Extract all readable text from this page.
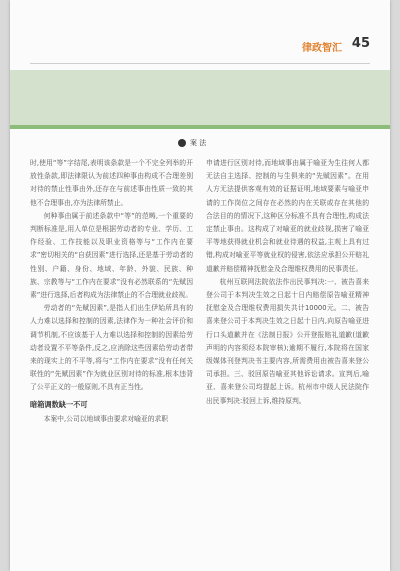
律政智汇 45
案 法

时,使用“等”字结尾,表明该条款是一个不完全列举的开放性条款,即法律限认为前述四种事由构成不合理差别对待的禁止性事由外,还存在与前述事由性质一致的其他不合理事由,亦为法律所禁止。

何种事由属于前述条款中“等”的范畴,一个重要的判断标准是,用人单位是根据劳动者的专业、学历、工作经验、工作技能以及职业资格等与“工作内在要求”密切相关的“自获因素”进行选择,还是基于劳动者的性别、户籍、身份、地域、年龄、外貌、民族、种族、宗教等与“工作内在要求”没有必然联系的“先赋因素”进行选择,后者构成为法律禁止的不合理就业歧视。

劳动者的“先赋因素”,是指人们出生伊始所具有的人力难以选择和控制的因素,法律作为一种社会评价和调节机制,不应该基于人力难以选择和控制的因素给劳动者设置不平等条件,反之,应消除这些因素给劳动者带来的现实上的不平等,将与“工作内在要求”没有任何关联性的“先赋因素”作为就业区别对待的标准,根本违背了公平正义的一般原则,不具有正当性。

暗箱调数缺一不可

本案中,公司以地域事由要求对喻亚的求职

申请进行区别对待,而地域事由属于喻亚为生往何人都无法自主选择、控制的与生俱来的“先赋因素”。在用人方无法提供客观有效的证据证明,地域要素与喻亚申请的工作岗位之间存在必然的内在关联或存在其他的合法目的的情况下,这种区分标准不具有合理性,构成法定禁止事由。这构成了对喻亚的就业歧视,损害了喻亚平等地获得就业机会和就业待遇的权益,主观上具有过错,构成对喻亚平等就业权的侵害,依法应承担公开赔礼道歉并赔偿精神抚慰金及合理维权费用的民事责任。

杭州互联网法院依法作出民事判决:一、被告喜来登公司于本判决生效之日起十日内赔偿原告喻亚精神抚慰金及合理维权费用损失共计10000元。二、被告喜来登公司于本判决生效之日起十日内,向原告喻亚进行口头道歉并在《法制日报》公开登报赔礼道歉(道歉声明的内容须经本院审核);逾期不履行,本院将在国家级媒体刊登判决书主要内容,所需费用由被告喜来登公司承担。三、驳回原告喻亚其他诉讼请求。宣判后,喻亚、喜来登公司均提起上诉。杭州市中级人民法院作出民事判决:驳回上诉,维持原判。
